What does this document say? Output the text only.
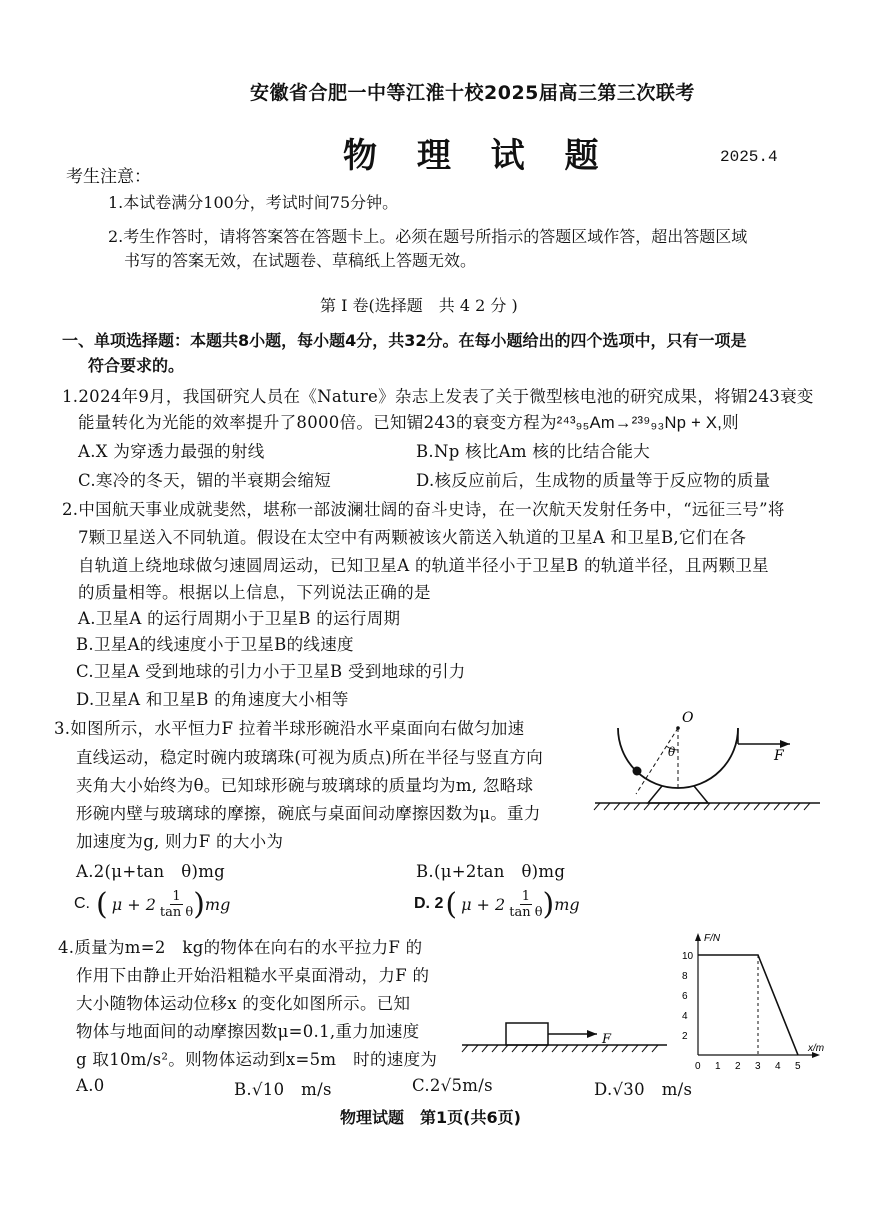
安徽省合肥一中等江淮十校2025届高三第三次联考
物 理 试 题	2025.4
考生注意：
1.本试卷满分100分，考试时间75分钟。
2.考生作答时，请将答案答在答题卡上。必须在题号所指示的答题区域作答，超出答题区域
书写的答案无效，在试题卷、草稿纸上答题无效。
第 I 卷(选择题　共 4 2 分 )
一、单项选择题：本题共8小题，每小题4分，共32分。在每小题给出的四个选项中，只有一项是
符合要求的。
1.2024年9月，我国研究人员在《Nature》杂志上发表了关于微型核电池的研究成果，将镅243衰变
能量转化为光能的效率提升了8000倍。已知镅243的衰变方程为²⁴³₉₅Am→²³⁹₉₃Np + X,则
A.X 为穿透力最强的射线	B.Np 核比Am 核的比结合能大
C.寒冷的冬天，镅的半衰期会缩短	D.核反应前后，生成物的质量等于反应物的质量
2.中国航天事业成就斐然，堪称一部波澜壮阔的奋斗史诗，在一次航天发射任务中，“远征三号”将
7颗卫星送入不同轨道。假设在太空中有两颗被该火箭送入轨道的卫星A 和卫星B,它们在各
自轨道上绕地球做匀速圆周运动，已知卫星A 的轨道半径小于卫星B 的轨道半径，且两颗卫星
的质量相等。根据以上信息，下列说法正确的是
A.卫星A 的运行周期小于卫星B 的运行周期
B.卫星A的线速度小于卫星B的线速度
C.卫星A 受到地球的引力小于卫星B 受到地球的引力
D.卫星A 和卫星B 的角速度大小相等
3.如图所示，水平恒力F 拉着半球形碗沿水平桌面向右做匀加速
直线运动，稳定时碗内玻璃珠(可视为质点)所在半径与竖直方向
夹角大小始终为θ。已知球形碗与玻璃球的质量均为m, 忽略球
形碗内壁与玻璃球的摩擦，碗底与桌面间动摩擦因数为μ。重力
加速度为g, 则力F 的大小为
A.2(μ+tan　θ)mg	B.(μ+2tan　θ)mg
C. ( $\mu + 2 \frac{1}{\text{tan θ}}$ ) mg	D. 2 ( $\mu + 2 \frac{1}{\text{tan θ}}$ ) mg
O
θ	F
4.质量为m=2　kg的物体在向右的水平拉力F 的
作用下由静止开始沿粗糙水平桌面滑动，力F 的
大小随物体运动位移x 的变化如图所示。已知
物体与地面间的动摩擦因数μ=0.1,重力加速度
g 取10m/s²。则物体运动到x=5m　时的速度为
A.0	B.√10　m/s	C.2√5m/s	D.√30　m/s
F
F/N
x/m
10
8
6
4
2
0 1 2 3 4 5
物理试题　第1页(共6页)
